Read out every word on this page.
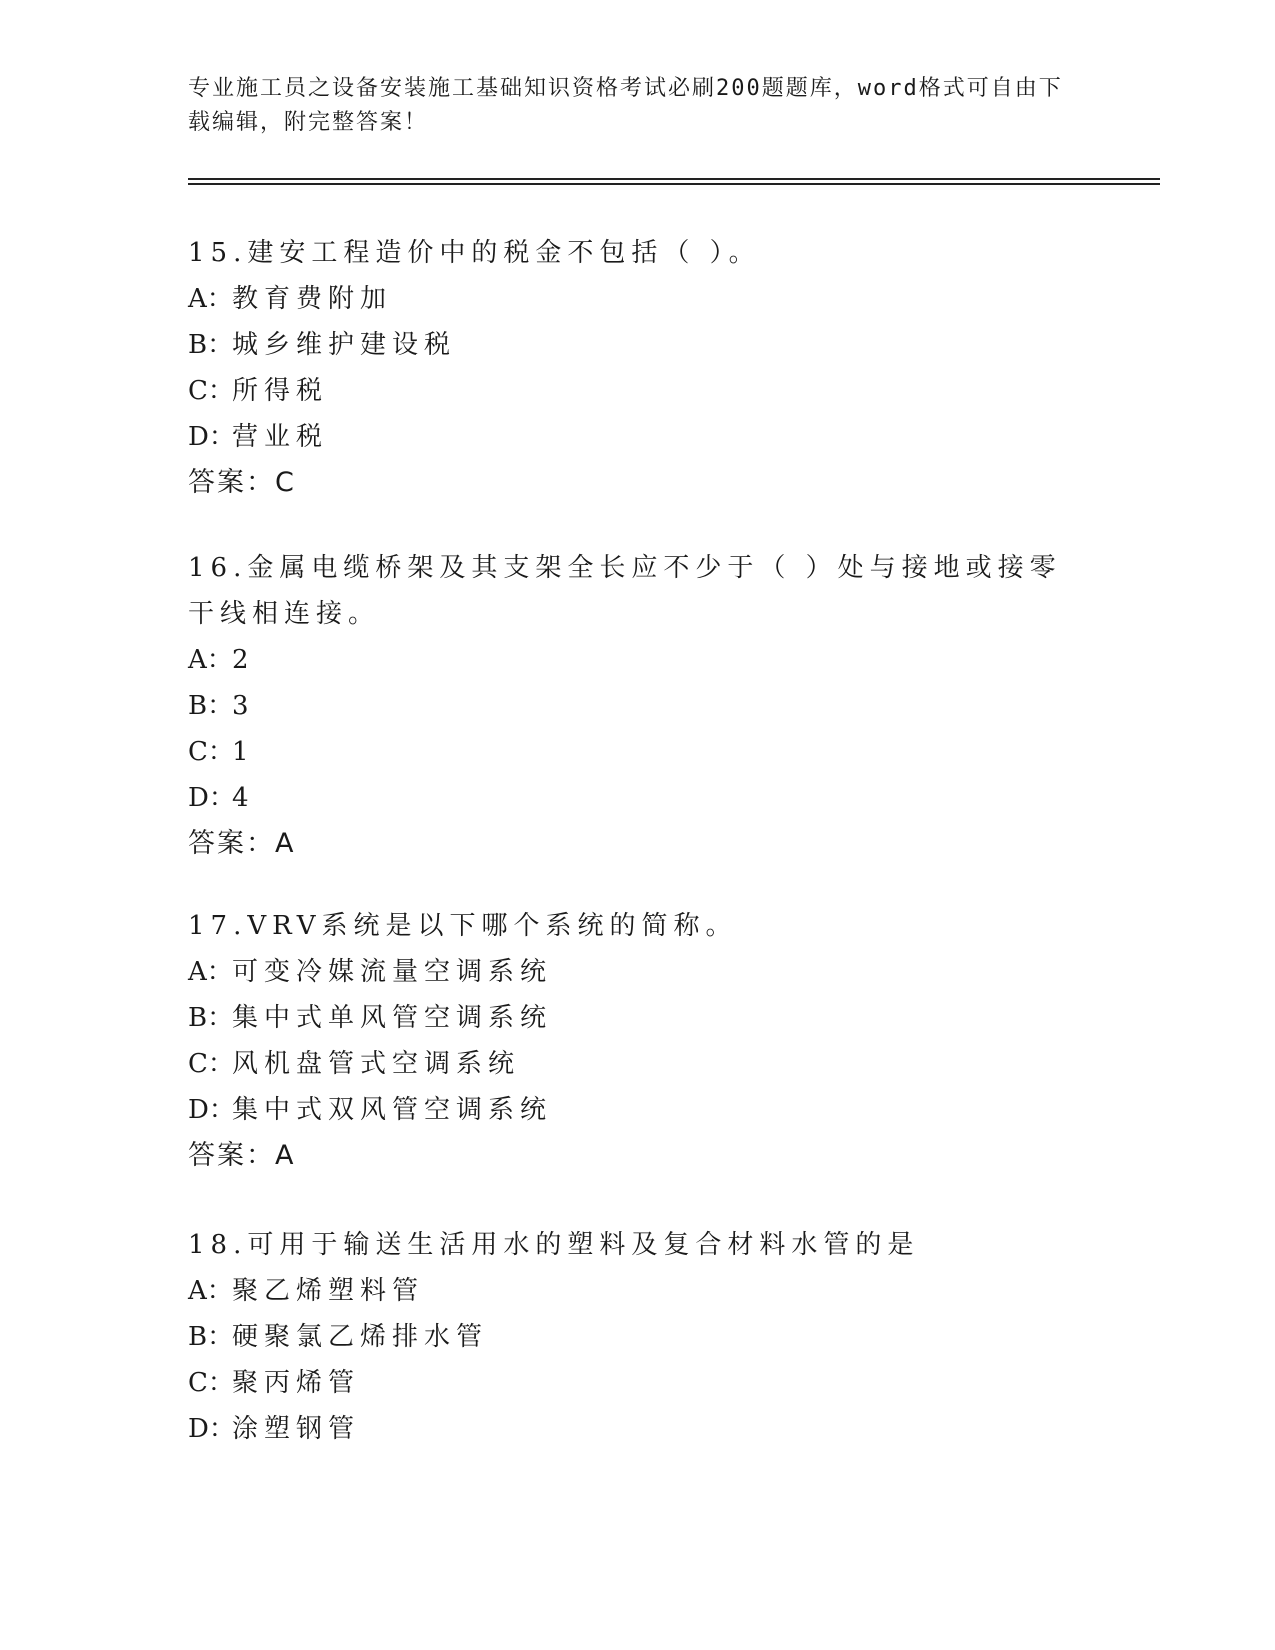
专业施工员之设备安装施工基础知识资格考试必刷200题题库，word格式可自由下载编辑，附完整答案！
15.建安工程造价中的税金不包括（ ）。
A：教育费附加
B：城乡维护建设税
C：所得税
D：营业税
答案：C
16.金属电缆桥架及其支架全长应不少于（ ）处与接地或接零干线相连接。
A：2
B：3
C：1
D：4
答案：A
17.VRV系统是以下哪个系统的简称。
A：可变冷媒流量空调系统
B：集中式单风管空调系统
C：风机盘管式空调系统
D：集中式双风管空调系统
答案：A
18.可用于输送生活用水的塑料及复合材料水管的是
A：聚乙烯塑料管
B：硬聚氯乙烯排水管
C：聚丙烯管
D：涂塑钢管
